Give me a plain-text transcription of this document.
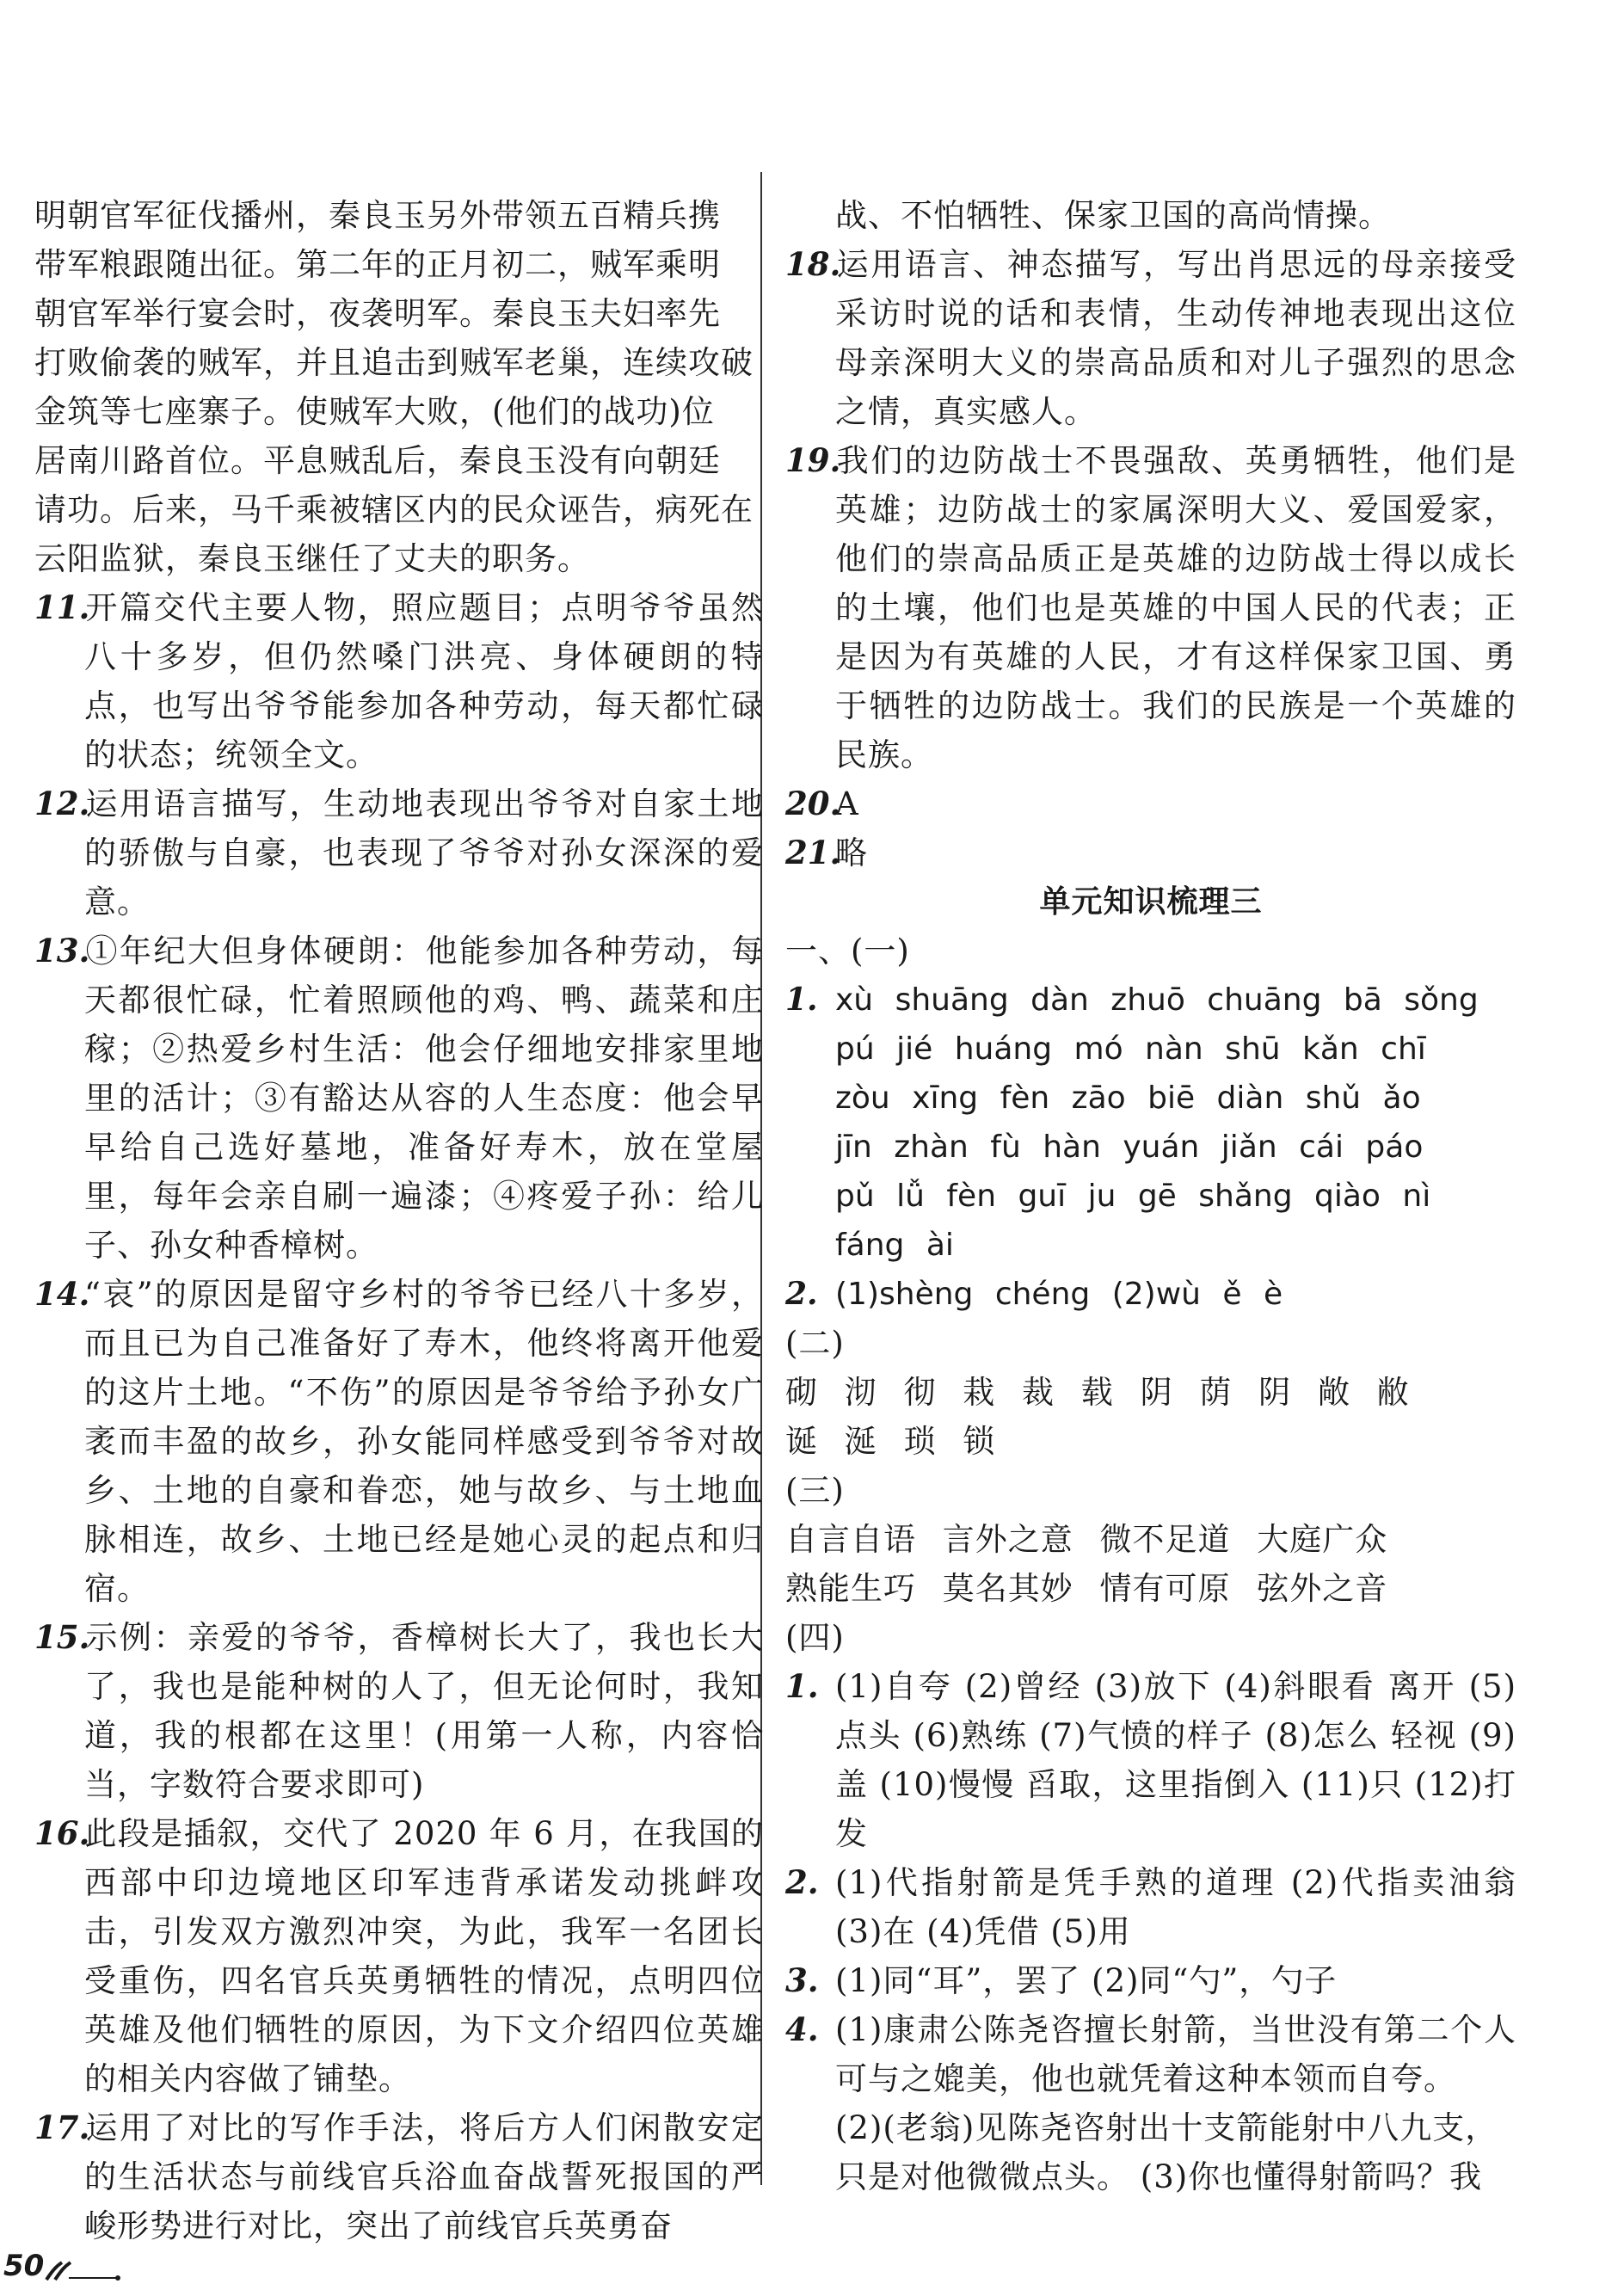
明朝官军征伐播州，秦良玉另外带领五百精兵携

带军粮跟随出征。第二年的正月初二，贼军乘明

朝官军举行宴会时，夜袭明军。秦良玉夫妇率先

打败偷袭的贼军，并且追击到贼军老巢，连续攻破

金筑等七座寨子。使贼军大败，(他们的战功)位

居南川路首位。平息贼乱后，秦良玉没有向朝廷

请功。后来，马千乘被辖区内的民众诬告，病死在

云阳监狱，秦良玉继任了丈夫的职务。

11.开篇交代主要人物，照应题目；点明爷爷虽然八十多岁，但仍然嗓门洪亮、身体硬朗的特点，也写出爷爷能参加各种劳动，每天都忙碌的状态；统领全文。

12.运用语言描写，生动地表现出爷爷对自家土地的骄傲与自豪，也表现了爷爷对孙女深深的爱意。

13.①年纪大但身体硬朗：他能参加各种劳动，每天都很忙碌，忙着照顾他的鸡、鸭、蔬菜和庄稼；②热爱乡村生活：他会仔细地安排家里地里的活计；③有豁达从容的人生态度：他会早早给自己选好墓地，准备好寿木，放在堂屋里，每年会亲自刷一遍漆；④疼爱子孙：给儿子、孙女种香樟树。

14.“哀”的原因是留守乡村的爷爷已经八十多岁，而且已为自己准备好了寿木，他终将离开他爱的这片土地。“不伤”的原因是爷爷给予孙女广袤而丰盈的故乡，孙女能同样感受到爷爷对故乡、土地的自豪和眷恋，她与故乡、与土地血脉相连，故乡、土地已经是她心灵的起点和归宿。

15.示例：亲爱的爷爷，香樟树长大了，我也长大了，我也是能种树的人了，但无论何时，我知道，我的根都在这里！(用第一人称，内容恰当，字数符合要求即可)

16.此段是插叙，交代了 2020 年 6 月，在我国的西部中印边境地区印军违背承诺发动挑衅攻击，引发双方激烈冲突，为此，我军一名团长受重伤，四名官兵英勇牺牲的情况，点明四位英雄及他们牺牲的原因，为下文介绍四位英雄的相关内容做了铺垫。

17.运用了对比的写作手法，将后方人们闲散安定的生活状态与前线官兵浴血奋战誓死报国的严峻形势进行对比，突出了前线官兵英勇奋

战、不怕牺牲、保家卫国的高尚情操。

18.运用语言、神态描写，写出肖思远的母亲接受采访时说的话和表情，生动传神地表现出这位母亲深明大义的崇高品质和对儿子强烈的思念之情，真实感人。

19.我们的边防战士不畏强敌、英勇牺牲，他们是英雄；边防战士的家属深明大义、爱国爱家，他们的崇高品质正是英雄的边防战士得以成长的土壤，他们也是英雄的中国人民的代表；正是因为有英雄的人民，才有这样保家卫国、勇于牺牲的边防战士。我们的民族是一个英雄的民族。

20.A

21.略

单元知识梳理三

一、(一)

1. xù shuāng dàn zhuō chuāng bā sǒng

pú jié huáng mó nàn shū kǎn chī

zòu xīng fèn zāo biē diàn shǔ ǎo

jīn zhàn fù hàn yuán jiǎn cái páo

pǔ lǚ fèn guī ju gē shǎng qiào nì

fáng ài

2. (1)shèng chéng (2)wù ě è

(二)

砌 沏 彻 栽 裁 载 阴 荫 阴 敞 敝

诞 涎 琐 锁

(三)

自言自语 言外之意 微不足道 大庭广众

熟能生巧 莫名其妙 情有可原 弦外之音

(四)

1. (1)自夸 (2)曾经 (3)放下 (4)斜眼看 离开 (5)点头 (6)熟练 (7)气愤的样子 (8)怎么 轻视 (9)盖 (10)慢慢 舀取，这里指倒入 (11)只 (12)打发

2. (1)代指射箭是凭手熟的道理 (2)代指卖油翁 (3)在 (4)凭借 (5)用

3. (1)同“耳”，罢了 (2)同“勺”，勺子

4. (1)康肃公陈尧咨擅长射箭，当世没有第二个人可与之媲美，他也就凭着这种本领而自夸。

(2)(老翁)见陈尧咨射出十支箭能射中八九支，只是对他微微点头。 (3)你也懂得射箭吗？我

50
